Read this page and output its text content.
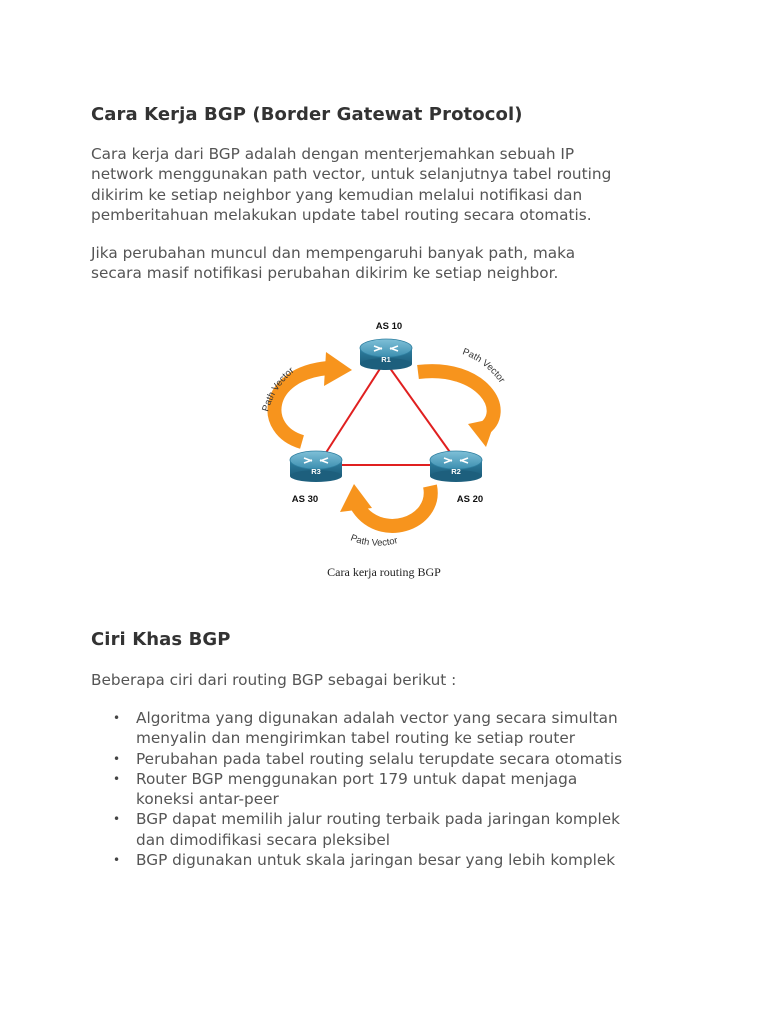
Cara Kerja BGP (Border Gatewat Protocol)
Cara kerja dari BGP adalah dengan menterjemahkan sebuah IP
network menggunakan path vector, untuk selanjutnya tabel routing
dikirim ke setiap neighbor yang kemudian melalui notifikasi dan
pemberitahuan melakukan update tabel routing secara otomatis.
Jika perubahan muncul dan mempengaruhi banyak path, maka
secara masif notifikasi perubahan dikirim ke setiap neighbor.
Path Vector
Path Vector
Path Vector
R1
AS 10
R3
AS 30
R2
AS 20

Cara kerja routing BGP

Ciri Khas BGP
Beberapa ciri dari routing BGP sebagai berikut :
• Algoritma yang digunakan adalah vector yang secara simultan
menyalin dan mengirimkan tabel routing ke setiap router
• Perubahan pada tabel routing selalu terupdate secara otomatis
• Router BGP menggunakan port 179 untuk dapat menjaga
koneksi antar-peer
• BGP dapat memilih jalur routing terbaik pada jaringan komplek
dan dimodifikasi secara pleksibel
• BGP digunakan untuk skala jaringan besar yang lebih komplek
